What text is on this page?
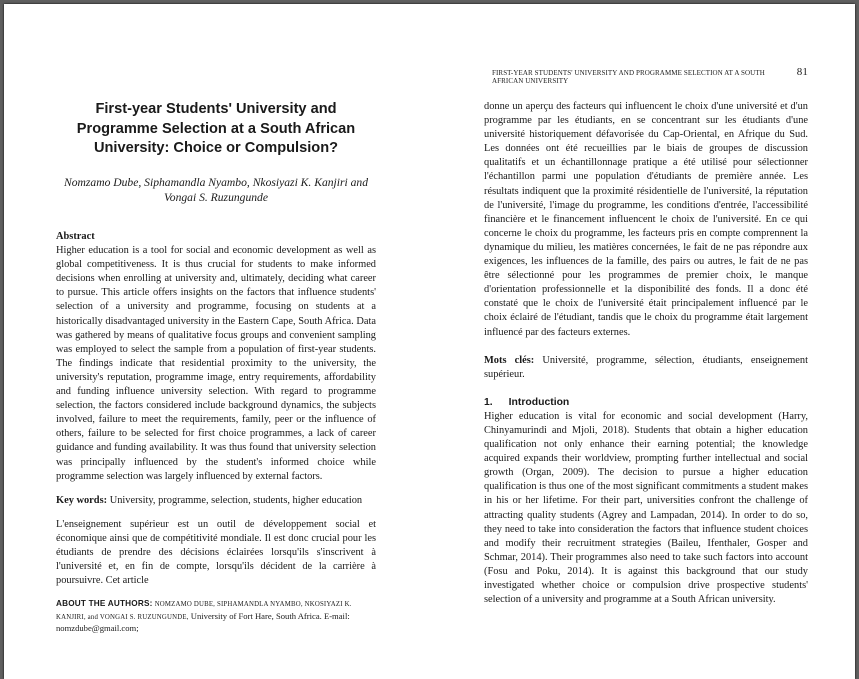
FIRST-YEAR STUDENTS' UNIVERSITY AND PROGRAMME SELECTION AT A SOUTH AFRICAN UNIVERSITY
81
First-year Students' University and Programme Selection at a South African University: Choice or Compulsion?
Nomzamo Dube, Siphamandla Nyambo, Nkosiyazi K. Kanjiri and Vongai S. Ruzungunde

Abstract

Higher education is a tool for social and economic development as well as global competitiveness. It is thus crucial for students to make informed decisions when enrolling at university and, ultimately, deciding what career to pursue. This article offers insights on the factors that influence students' selection of a university and programme, focusing on students at a historically disadvantaged university in the Eastern Cape, South Africa. Data was gathered by means of qualitative focus groups and convenient sampling was employed to select the sample from a population of first-year students. The findings indicate that residential proximity to the university, the university's reputation, programme image, entry requirements, affordability and funding influence university selection. With regard to programme selection, the factors considered include background dynamics, the subjects involved, failure to meet the requirements, family, peer or the influence of others, failure to be selected for first choice programmes, a lack of career guidance and funding availability. It was thus found that university selection was principally influenced by the student's informed choice while programme selection was largely influenced by external factors.

Key words: University, programme, selection, students, higher education

L'enseignement supérieur est un outil de développement social et économique ainsi que de compétitivité mondiale. Il est donc crucial pour les étudiants de prendre des décisions éclairées lorsqu'ils s'inscrivent à l'université et, en fin de compte, lorsqu'ils décident de la carrière à poursuivre. Cet article

ABOUT THE AUTHORS: NOMZAMO DUBE, SIPHAMANDLA NYAMBO, NKOSIYAZI K. KANJIRI, and VONGAI S. RUZUNGUNDE, University of Fort Hare, South Africa. E-mail: nomzdube@gmail.com;

donne un aperçu des facteurs qui influencent le choix d'une université et d'un programme par les étudiants, en se concentrant sur les étudiants d'une université historiquement défavorisée du Cap-Oriental, en Afrique du Sud. Les données ont été recueillies par le biais de groupes de discussion qualitatifs et un échantillonnage pratique a été utilisé pour sélectionner l'échantillon parmi une population d'étudiants de première année. Les résultats indiquent que la proximité résidentielle de l'université, la réputation de l'université, l'image du programme, les conditions d'entrée, l'accessibilité financière et le financement influencent le choix de l'université. En ce qui concerne le choix du programme, les facteurs pris en compte comprennent la dynamique du milieu, les matières concernées, le fait de ne pas répondre aux exigences, les influences de la famille, des pairs ou autres, le fait de ne pas être sélectionné pour les programmes de premier choix, le manque d'orientation professionnelle et la disponibilité des fonds. Il a donc été constaté que le choix de l'université était principalement influencé par le choix éclairé de l'étudiant, tandis que le choix du programme était largement influencé par des facteurs externes.

Mots clés: Université, programme, sélection, étudiants, enseignement supérieur.

1. Introduction

Higher education is vital for economic and social development (Harry, Chinyamurindi and Mjoli, 2018). Students that obtain a higher education qualification not only enhance their earning potential; the knowledge acquired expands their worldview, prompting further intellectual and social growth (Organ, 2009). The decision to pursue a higher education qualification is thus one of the most significant commitments a student makes in his or her lifetime. For their part, universities confront the challenge of attracting quality students (Agrey and Lampadan, 2014). In order to do so, they need to take into consideration the factors that influence student choices and modify their recruitment strategies (Baileu, Ifenthaler, Gosper and Schmar, 2014). Their programmes also need to take such factors into account (Fosu and Poku, 2014). It is against this background that our study investigated whether choice or compulsion drive prospective students' selection of a university and programme at a South African university.
